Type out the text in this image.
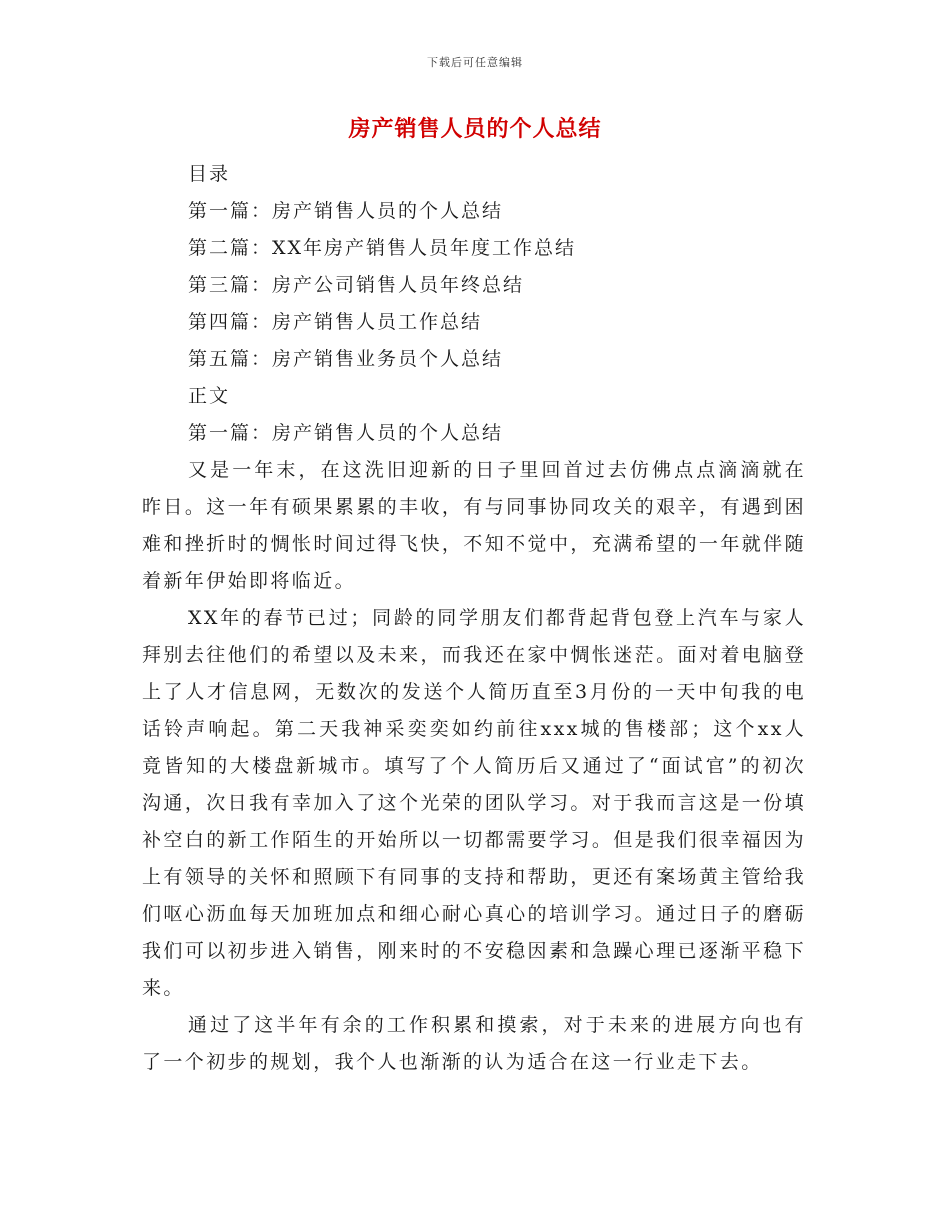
下载后可任意编辑
房产销售人员的个人总结
目录
第一篇：房产销售人员的个人总结
第二篇：XX年房产销售人员年度工作总结
第三篇：房产公司销售人员年终总结
第四篇：房产销售人员工作总结
第五篇：房产销售业务员个人总结
正文
第一篇：房产销售人员的个人总结

又是一年末，在这洗旧迎新的日子里回首过去仿佛点点滴滴就在昨日。这一年有硕果累累的丰收，有与同事协同攻关的艰辛，有遇到困难和挫折时的惆怅时间过得飞快，不知不觉中，充满希望的一年就伴随着新年伊始即将临近。

XX年的春节已过；同龄的同学朋友们都背起背包登上汽车与家人拜别去往他们的希望以及未来，而我还在家中惆怅迷茫。面对着电脑登上了人才信息网，无数次的发送个人简历直至3月份的一天中旬我的电话铃声响起。第二天我神采奕奕如约前往xxx城的售楼部；这个xx人竟皆知的大楼盘新城市。填写了个人简历后又通过了“面试官”的初次沟通，次日我有幸加入了这个光荣的团队学习。对于我而言这是一份填补空白的新工作陌生的开始所以一切都需要学习。但是我们很幸福因为上有领导的关怀和照顾下有同事的支持和帮助，更还有案场黄主管给我们呕心沥血每天加班加点和细心耐心真心的培训学习。通过日子的磨砺我们可以初步进入销售，刚来时的不安稳因素和急躁心理已逐渐平稳下来。

通过了这半年有余的工作积累和摸索，对于未来的进展方向也有了一个初步的规划，我个人也渐渐的认为适合在这一行业走下去。
